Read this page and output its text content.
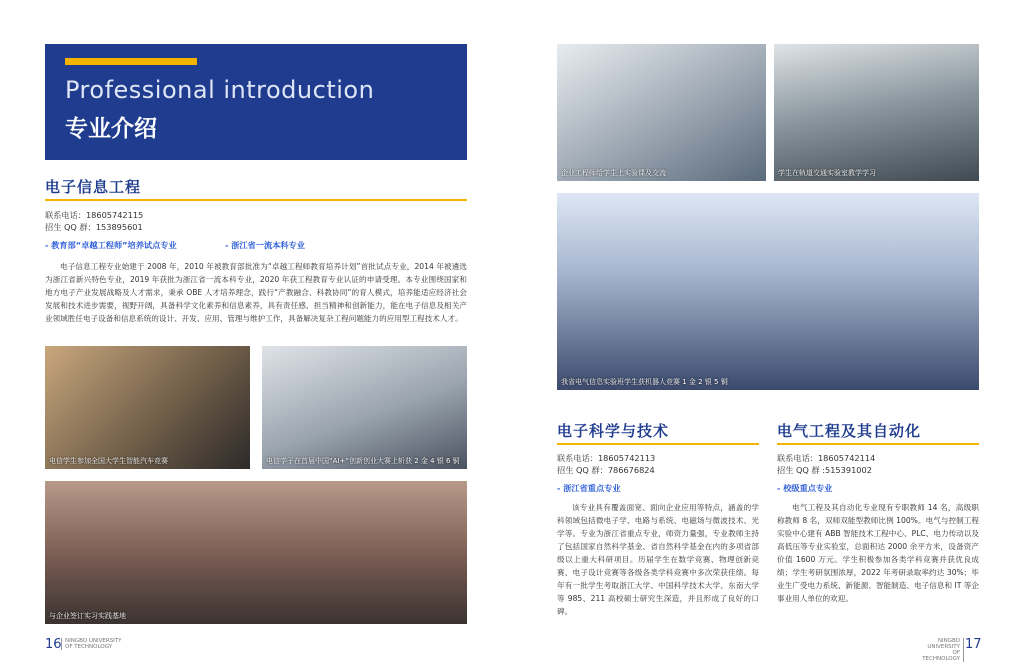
Professional introduction
专业介绍
电子信息工程
联系电话：18605742115
招生 QQ 群：153895601
- 教育部“卓越工程师”培养试点专业	- 浙江省一流本科专业
电子信息工程专业始建于 2008 年，2010 年被教育部批准为“卓越工程师教育培养计划”首批试点专业，2014 年被遴选为浙江省新兴特色专业，2019 年获批为浙江省一流本科专业，2020 年获工程教育专业认证的申请受理。本专业围绕国家和地方电子产业发展战略及人才需求，秉承 OBE 人才培养理念，践行“产教融合、科教协同”的育人模式，培养能适应经济社会发展和技术进步需要，视野开阔，具备科学文化素养和信息素养，具有责任感、担当精神和创新能力，能在电子信息及相关产业领域胜任电子设备和信息系统的设计、开发、应用、管理与维护工作，具备解决复杂工程问题能力的应用型工程技术人才。
电信学生参加全国大学生智能汽车竞赛	电信学子在首届中国“AI+”创新创业大赛上斩获 2 金 4 银 6 铜
与企业签订实习实践基地
16 NINGBO UNIVERSITY
OF TECHNOLOGY
企业工程师给学生上实验课及交流	学生在轨道交通实验室教学学习
我省电气信息实验班学生获机器人竞赛 1 金 2 银 5 铜
电子科学与技术
联系电话：18605742113
招生 QQ 群：786676824
- 浙江省重点专业
该专业具有覆盖面宽、面向企业应用等特点，涵盖的学科领域包括微电子学、电路与系统、电磁场与微波技术、光学等。专业为浙江省重点专业，师资力量强，专业教师主持了包括国家自然科学基金、省自然科学基金在内的多项省部级以上重大科研项目。历届学生在数学竞赛、物理创新竞赛、电子设计竞赛等各级各类学科竞赛中多次荣获佳绩。每年有一批学生考取浙江大学、中国科学技术大学、东南大学等 985、211 高校硕士研究生深造，并且形成了良好的口碑。
电气工程及其自动化
联系电话：18605742114
招生 QQ 群 :515391002
- 校级重点专业
电气工程及其自动化专业现有专职教师 14 名，高级职称教师 8 名，双师双能型教师比例 100%。电气与控制工程实验中心建有 ABB 智能技术工程中心、PLC、电力传动以及高低压等专业实验室，总面积达 2000 余平方米，设备资产价值 1600 万元。学生积极参加各类学科竞赛并获优良成绩；学生考研氛围浓厚，2022 年考研录取率约达 30%；毕业生广受电力系统、新能源、智能制造、电子信息和 IT 等企事业用人单位的欢迎。
NINGBO UNIVERSITY
OF TECHNOLOGY
17
